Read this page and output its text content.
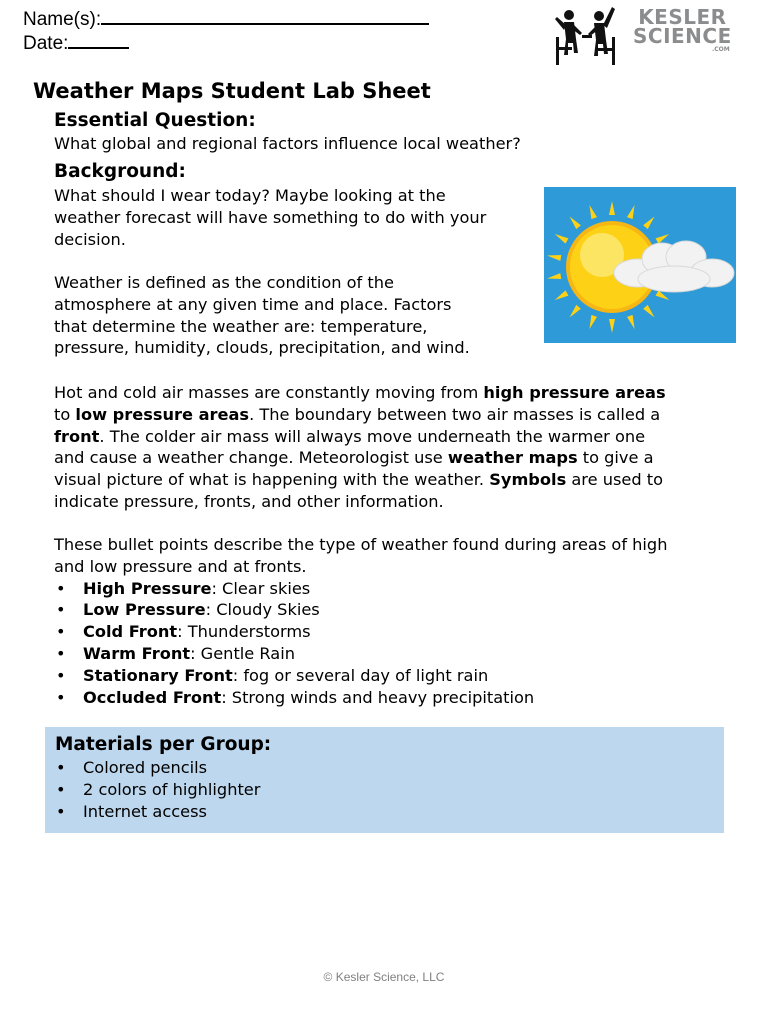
Name(s):
Date:
KESLER
SCIENCE
.COM
Weather Maps Student Lab Sheet
Essential Question:
What global and regional factors influence local weather?
Background:
What should I wear today? Maybe looking at the
weather forecast will have something to do with your
decision.
Weather is defined as the condition of the
atmosphere at any given time and place. Factors
that determine the weather are: temperature,
pressure, humidity, clouds, precipitation, and wind.
Hot and cold air masses are constantly moving from high pressure areas
to low pressure areas. The boundary between two air masses is called a
front. The colder air mass will always move underneath the warmer one
and cause a weather change. Meteorologist use weather maps to give a
visual picture of what is happening with the weather. Symbols are used to
indicate pressure, fronts, and other information.
These bullet points describe the type of weather found during areas of high
and low pressure and at fronts.
• High Pressure: Clear skies
• Low Pressure: Cloudy Skies
• Cold Front: Thunderstorms
• Warm Front: Gentle Rain
• Stationary Front: fog or several day of light rain
• Occluded Front: Strong winds and heavy precipitation
Materials per Group:
• Colored pencils
• 2 colors of highlighter
• Internet access
© Kesler Science, LLC
